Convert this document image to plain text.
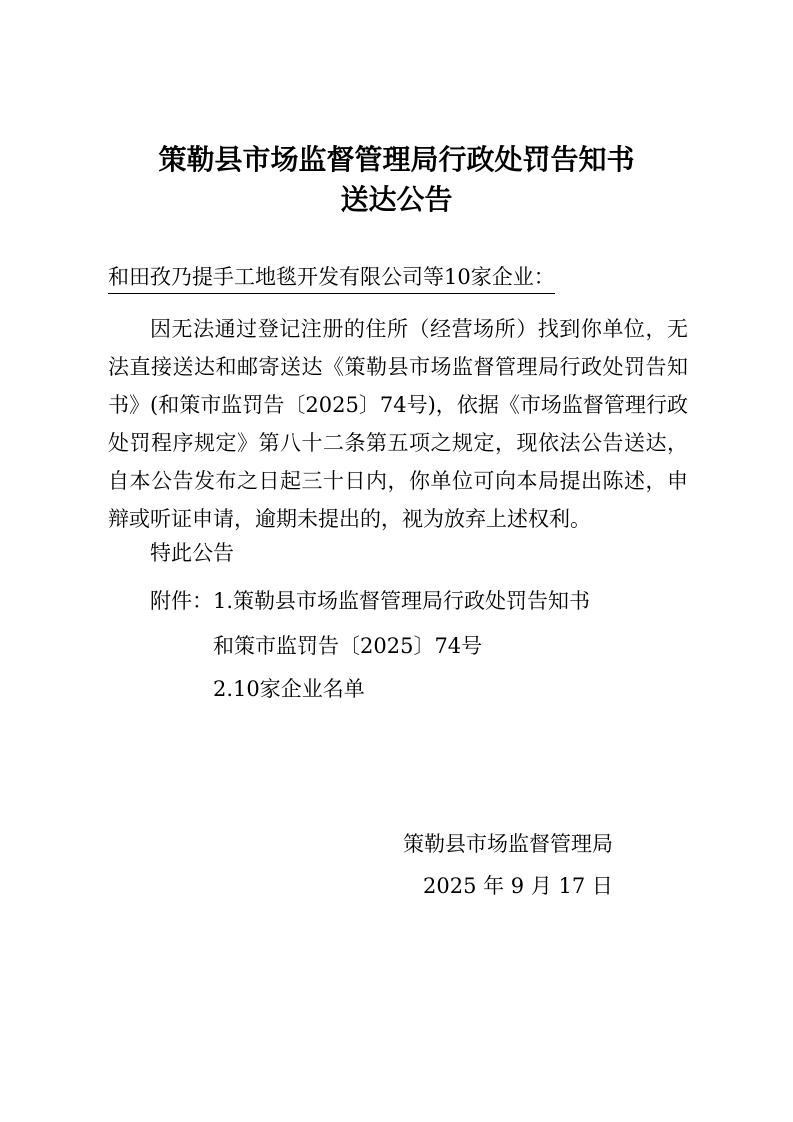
策勒县市场监督管理局行政处罚告知书
送达公告
和田孜乃提手工地毯开发有限公司等10家企业：

因无法通过登记注册的住所（经营场所）找到你单位，无法直接送达和邮寄送达《策勒县市场监督管理局行政处罚告知书》(和策市监罚告〔2025〕74号)，依据《市场监督管理行政处罚程序规定》第八十二条第五项之规定，现依法公告送达，自本公告发布之日起三十日内，你单位可向本局提出陈述，申辩或听证申请，逾期未提出的，视为放弃上述权利。

特此公告
附件：1.策勒县市场监督管理局行政处罚告知书
和策市监罚告〔2025〕74号
2.10家企业名单
策勒县市场监督管理局
2025 年 9 月 17 日
